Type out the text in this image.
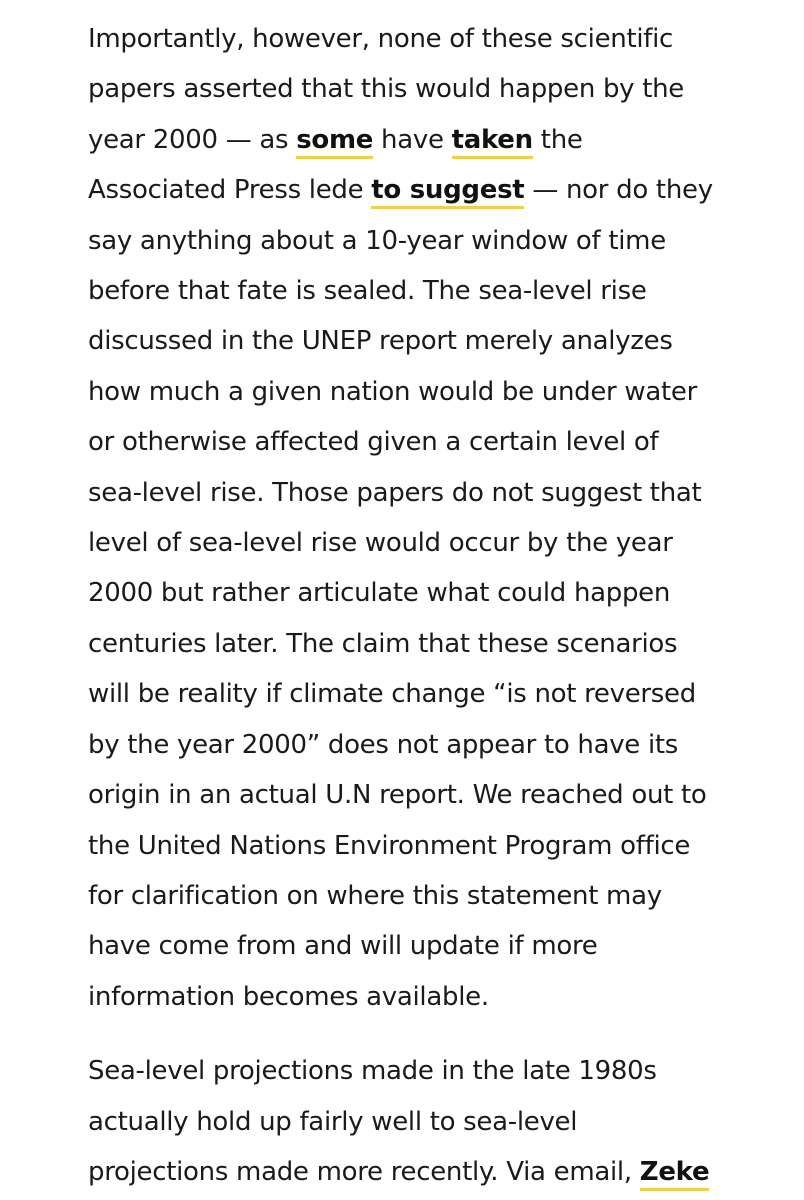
Importantly, however, none of these scientific
papers asserted that this would happen by the
year 2000 — as some have taken the
Associated Press lede to suggest — nor do they
say anything about a 10-year window of time
before that fate is sealed. The sea-level rise
discussed in the UNEP report merely analyzes
how much a given nation would be under water
or otherwise affected given a certain level of
sea-level rise. Those papers do not suggest that
level of sea-level rise would occur by the year
2000 but rather articulate what could happen
centuries later. The claim that these scenarios
will be reality if climate change “is not reversed
by the year 2000” does not appear to have its
origin in an actual U.N report. We reached out to
the United Nations Environment Program office
for clarification on where this statement may
have come from and will update if more
information becomes available.

Sea-level projections made in the late 1980s
actually hold up fairly well to sea-level
projections made more recently. Via email, Zeke
